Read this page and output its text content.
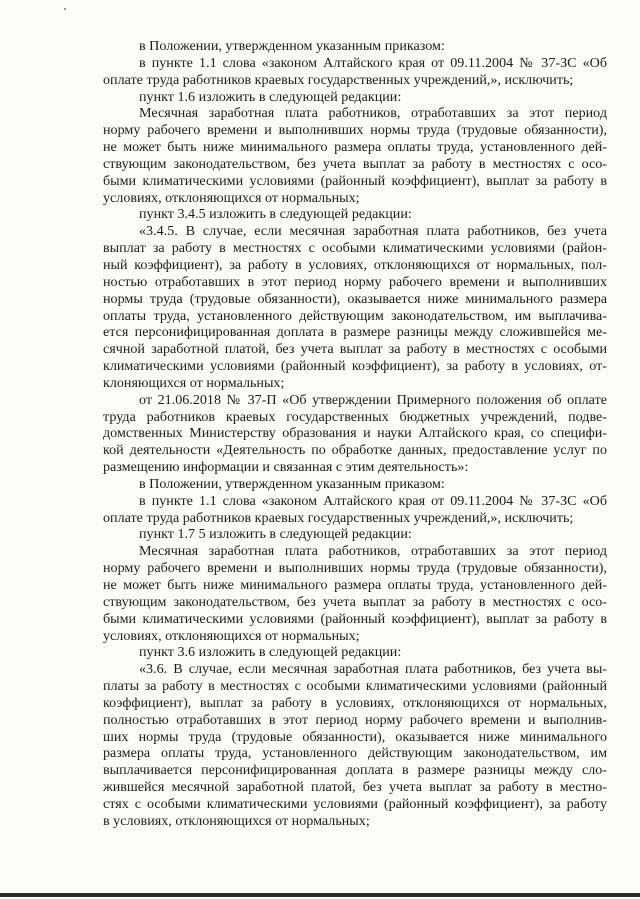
в Положении, утвержденном указанным приказом:
в пункте 1.1 слова «законом Алтайского края от 09.11.2004 № 37-ЗС «Об
оплате труда работников краевых государственных учреждений,», исключить;
пункт 1.6 изложить в следующей редакции:
Месячная заработная плата работников, отработавших за этот период
норму рабочего времени и выполнивших нормы труда (трудовые обязанности),
не может быть ниже минимального размера оплаты труда, установленного дей-
ствующим законодательством, без учета выплат за работу в местностях с осо-
быми климатическими условиями (районный коэффициент), выплат за работу в
условиях, отклоняющихся от нормальных;
пункт 3.4.5 изложить в следующей редакции:
«3.4.5. В случае, если месячная заработная плата работников, без учета
выплат за работу в местностях с особыми климатическими условиями (район-
ный коэффициент), за работу в условиях, отклоняющихся от нормальных, пол-
ностью отработавших в этот период норму рабочего времени и выполнивших
нормы труда (трудовые обязанности), оказывается ниже минимального размера
оплаты труда, установленного действующим законодательством, им выплачива-
ется персонифицированная доплата в размере разницы между сложившейся ме-
сячной заработной платой, без учета выплат за работу в местностях с особыми
климатическими условиями (районный коэффициент), за работу в условиях, от-
клоняющихся от нормальных;
от 21.06.2018 № 37-П «Об утверждении Примерного положения об оплате
труда работников краевых государственных бюджетных учреждений, подве-
домственных Министерству образования и науки Алтайского края, со специфи-
кой деятельности «Деятельность по обработке данных, предоставление услуг по
размещению информации и связанная с этим деятельность»:
в Положении, утвержденном указанным приказом:
в пункте 1.1 слова «законом Алтайского края от 09.11.2004 № 37-ЗС «Об
оплате труда работников краевых государственных учреждений,», исключить;
пункт 1.7 5 изложить в следующей редакции:
Месячная заработная плата работников, отработавших за этот период
норму рабочего времени и выполнивших нормы труда (трудовые обязанности),
не может быть ниже минимального размера оплаты труда, установленного дей-
ствующим законодательством, без учета выплат за работу в местностях с осо-
быми климатическими условиями (районный коэффициент), выплат за работу в
условиях, отклоняющихся от нормальных;
пункт 3.6 изложить в следующей редакции:
«3.6. В случае, если месячная заработная плата работников, без учета вы-
платы за работу в местностях с особыми климатическими условиями (районный
коэффициент), выплат за работу в условиях, отклоняющихся от нормальных,
полностью отработавших в этот период норму рабочего времени и выполнив-
ших нормы труда (трудовые обязанности), оказывается ниже минимального
размера оплаты труда, установленного действующим законодательством, им
выплачивается персонифицированная доплата в размере разницы между сло-
жившейся месячной заработной платой, без учета выплат за работу в местно-
стях с особыми климатическими условиями (районный коэффициент), за работу
в условиях, отклоняющихся от нормальных;
